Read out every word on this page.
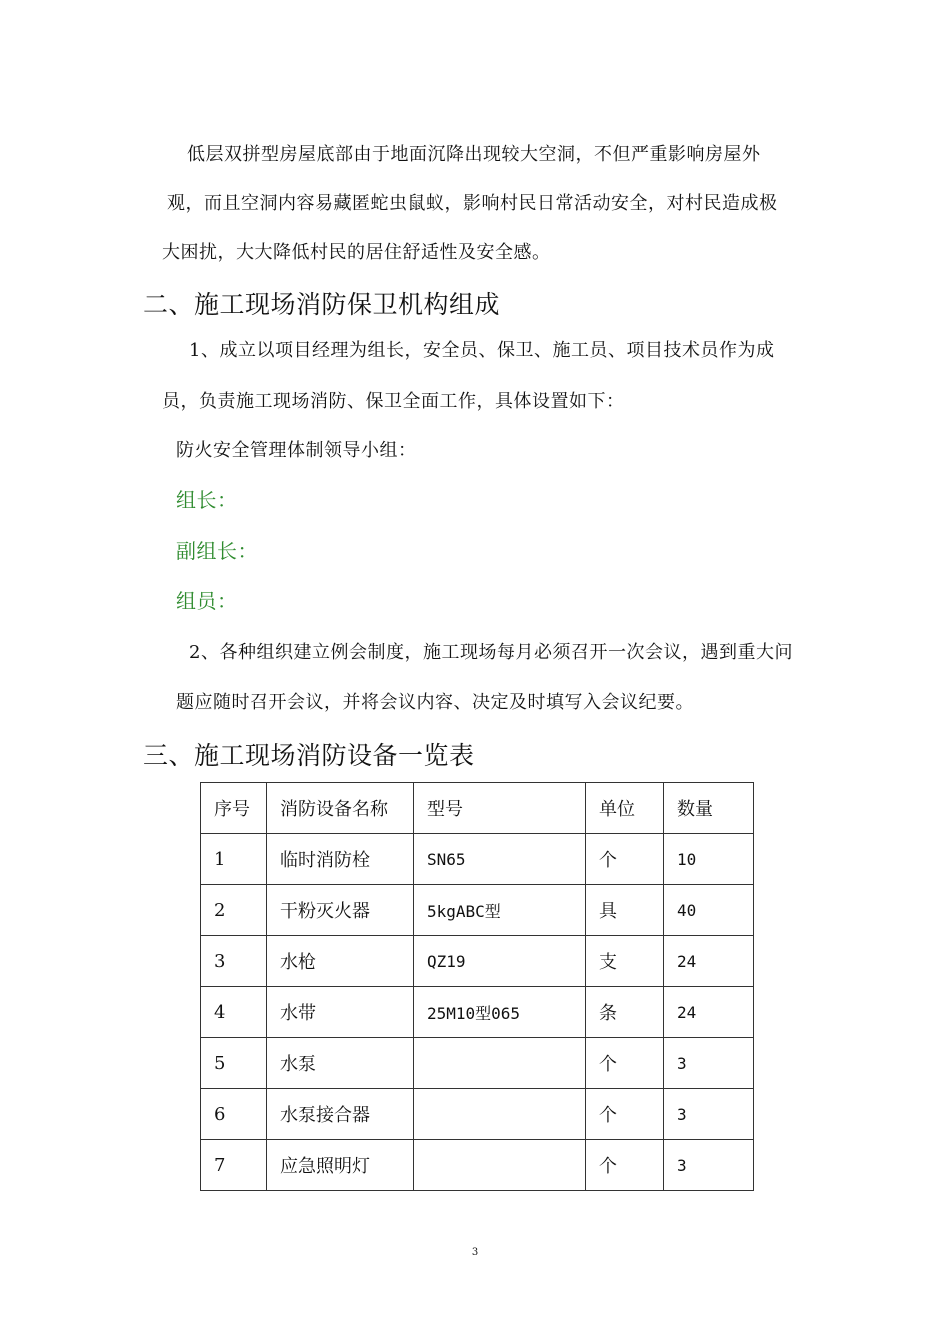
低层双拼型房屋底部由于地面沉降出现较大空洞，不但严重影响房屋外
观，而且空洞内容易藏匿蛇虫鼠蚁，影响村民日常活动安全，对村民造成极
大困扰，大大降低村民的居住舒适性及安全感。
二、施工现场消防保卫机构组成
1、成立以项目经理为组长，安全员、保卫、施工员、项目技术员作为成
员，负责施工现场消防、保卫全面工作，具体设置如下：
防火安全管理体制领导小组：
组长：
副组长：
组员：
2、各种组织建立例会制度，施工现场每月必须召开一次会议，遇到重大问
题应随时召开会议，并将会议内容、决定及时填写入会议纪要。
三、施工现场消防设备一览表
序号	消防设备名称	型号	单位	数量
1	临时消防栓	SN65	个	10
2	干粉灭火器	5kgABC型	具	40
3	水枪	QZ19	支	24
4	水带	25M10型065	条	24
5	水泵		个	3
6	水泵接合器		个	3
7	应急照明灯		个	3
3
